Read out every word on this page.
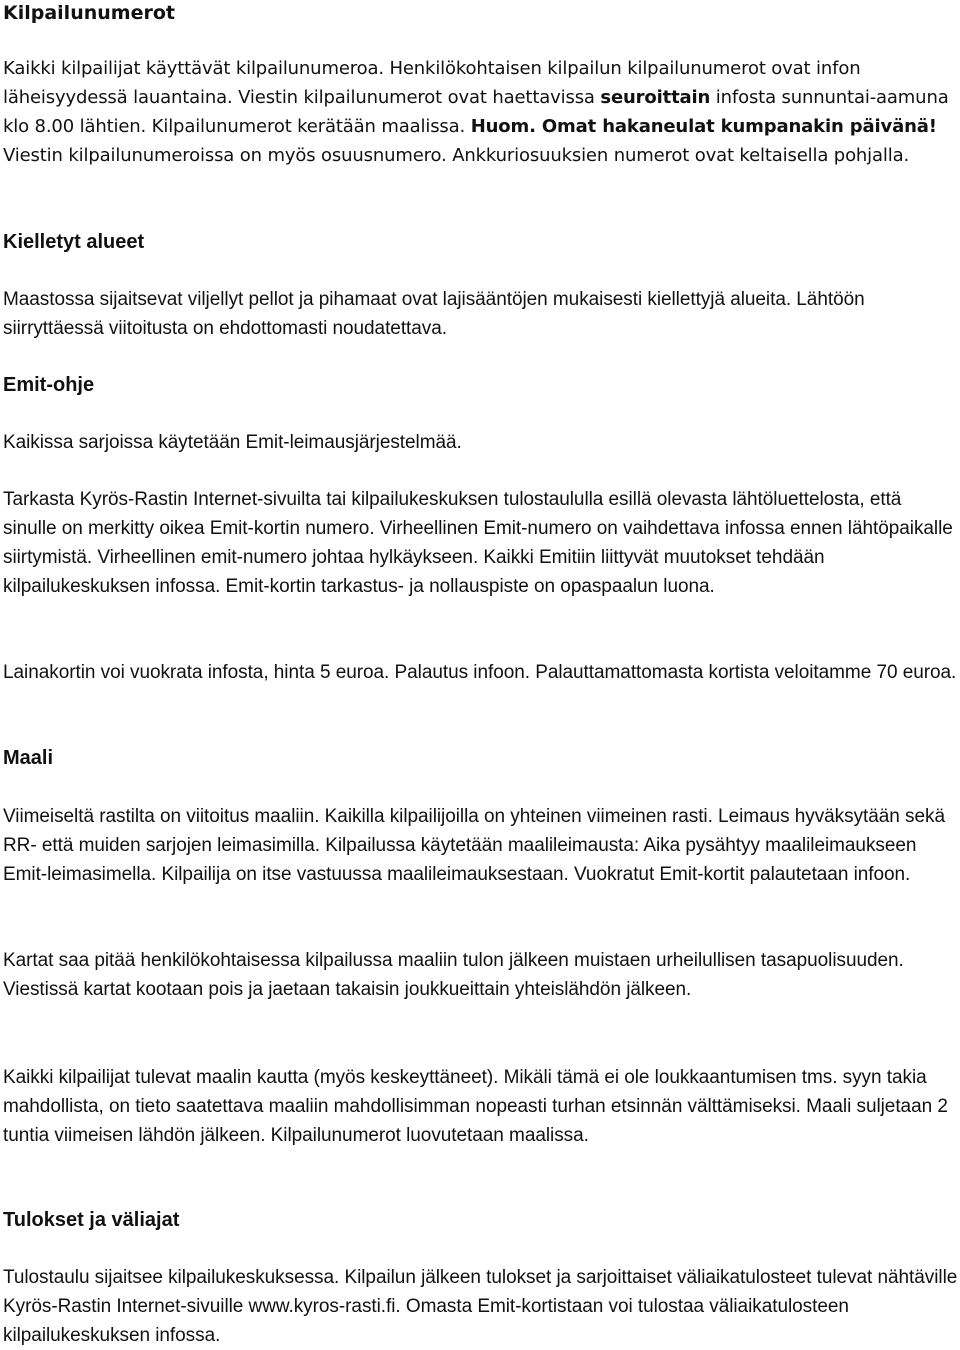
Kilpailunumerot

Kaikki kilpailijat käyttävät kilpailunumeroa. Henkilökohtaisen kilpailun kilpailunumerot ovat infon läheisyydessä lauantaina. Viestin kilpailunumerot ovat haettavissa seuroittain infosta sunnuntai-aamuna klo 8.00 lähtien. Kilpailunumerot kerätään maalissa. Huom. Omat hakaneulat kumpanakin päivänä! Viestin kilpailunumeroissa on myös osuusnumero. Ankkuriosuuksien numerot ovat keltaisella pohjalla.

Kielletyt alueet

Maastossa sijaitsevat viljellyt pellot ja pihamaat ovat lajisääntöjen mukaisesti kiellettyjä alueita. Lähtöön siirryttäessä viitoitusta on ehdottomasti noudatettava.

Emit-ohje

Kaikissa sarjoissa käytetään Emit-leimausjärjestelmää.

Tarkasta Kyrös-Rastin Internet-sivuilta tai kilpailukeskuksen tulostaululla esillä olevasta lähtöluettelosta, että sinulle on merkitty oikea Emit-kortin numero. Virheellinen Emit-numero on vaihdettava infossa ennen lähtöpaikalle siirtymistä. Virheellinen emit-numero johtaa hylkäykseen. Kaikki Emitiin liittyvät muutokset tehdään kilpailukeskuksen infossa. Emit-kortin tarkastus- ja nollauspiste on opaspaalun luona.

Lainakortin voi vuokrata infosta, hinta 5 euroa. Palautus infoon. Palauttamattomasta kortista veloitamme 70 euroa.

Maali

Viimeiseltä rastilta on viitoitus maaliin. Kaikilla kilpailijoilla on yhteinen viimeinen rasti. Leimaus hyväksytään sekä RR- että muiden sarjojen leimasimilla. Kilpailussa käytetään maalileimausta: Aika pysähtyy maalileimaukseen Emit-leimasimella. Kilpailija on itse vastuussa maalileimauksestaan. Vuokratut Emit-kortit palautetaan infoon.

Kartat saa pitää henkilökohtaisessa kilpailussa maaliin tulon jälkeen muistaen urheilullisen tasapuolisuuden. Viestissä kartat kootaan pois ja jaetaan takaisin joukkueittain yhteislähdön jälkeen.

Kaikki kilpailijat tulevat maalin kautta (myös keskeyttäneet). Mikäli tämä ei ole loukkaantumisen tms. syyn takia mahdollista, on tieto saatettava maaliin mahdollisimman nopeasti turhan etsinnän välttämiseksi. Maali suljetaan 2 tuntia viimeisen lähdön jälkeen. Kilpailunumerot luovutetaan maalissa.

Tulokset ja väliajat

Tulostaulu sijaitsee kilpailukeskuksessa. Kilpailun jälkeen tulokset ja sarjoittaiset väliaikatulosteet tulevat nähtäville Kyrös-Rastin Internet-sivuille www.kyros-rasti.fi. Omasta Emit-kortistaan voi tulostaa väliaikatulosteen kilpailukeskuksen infossa.
